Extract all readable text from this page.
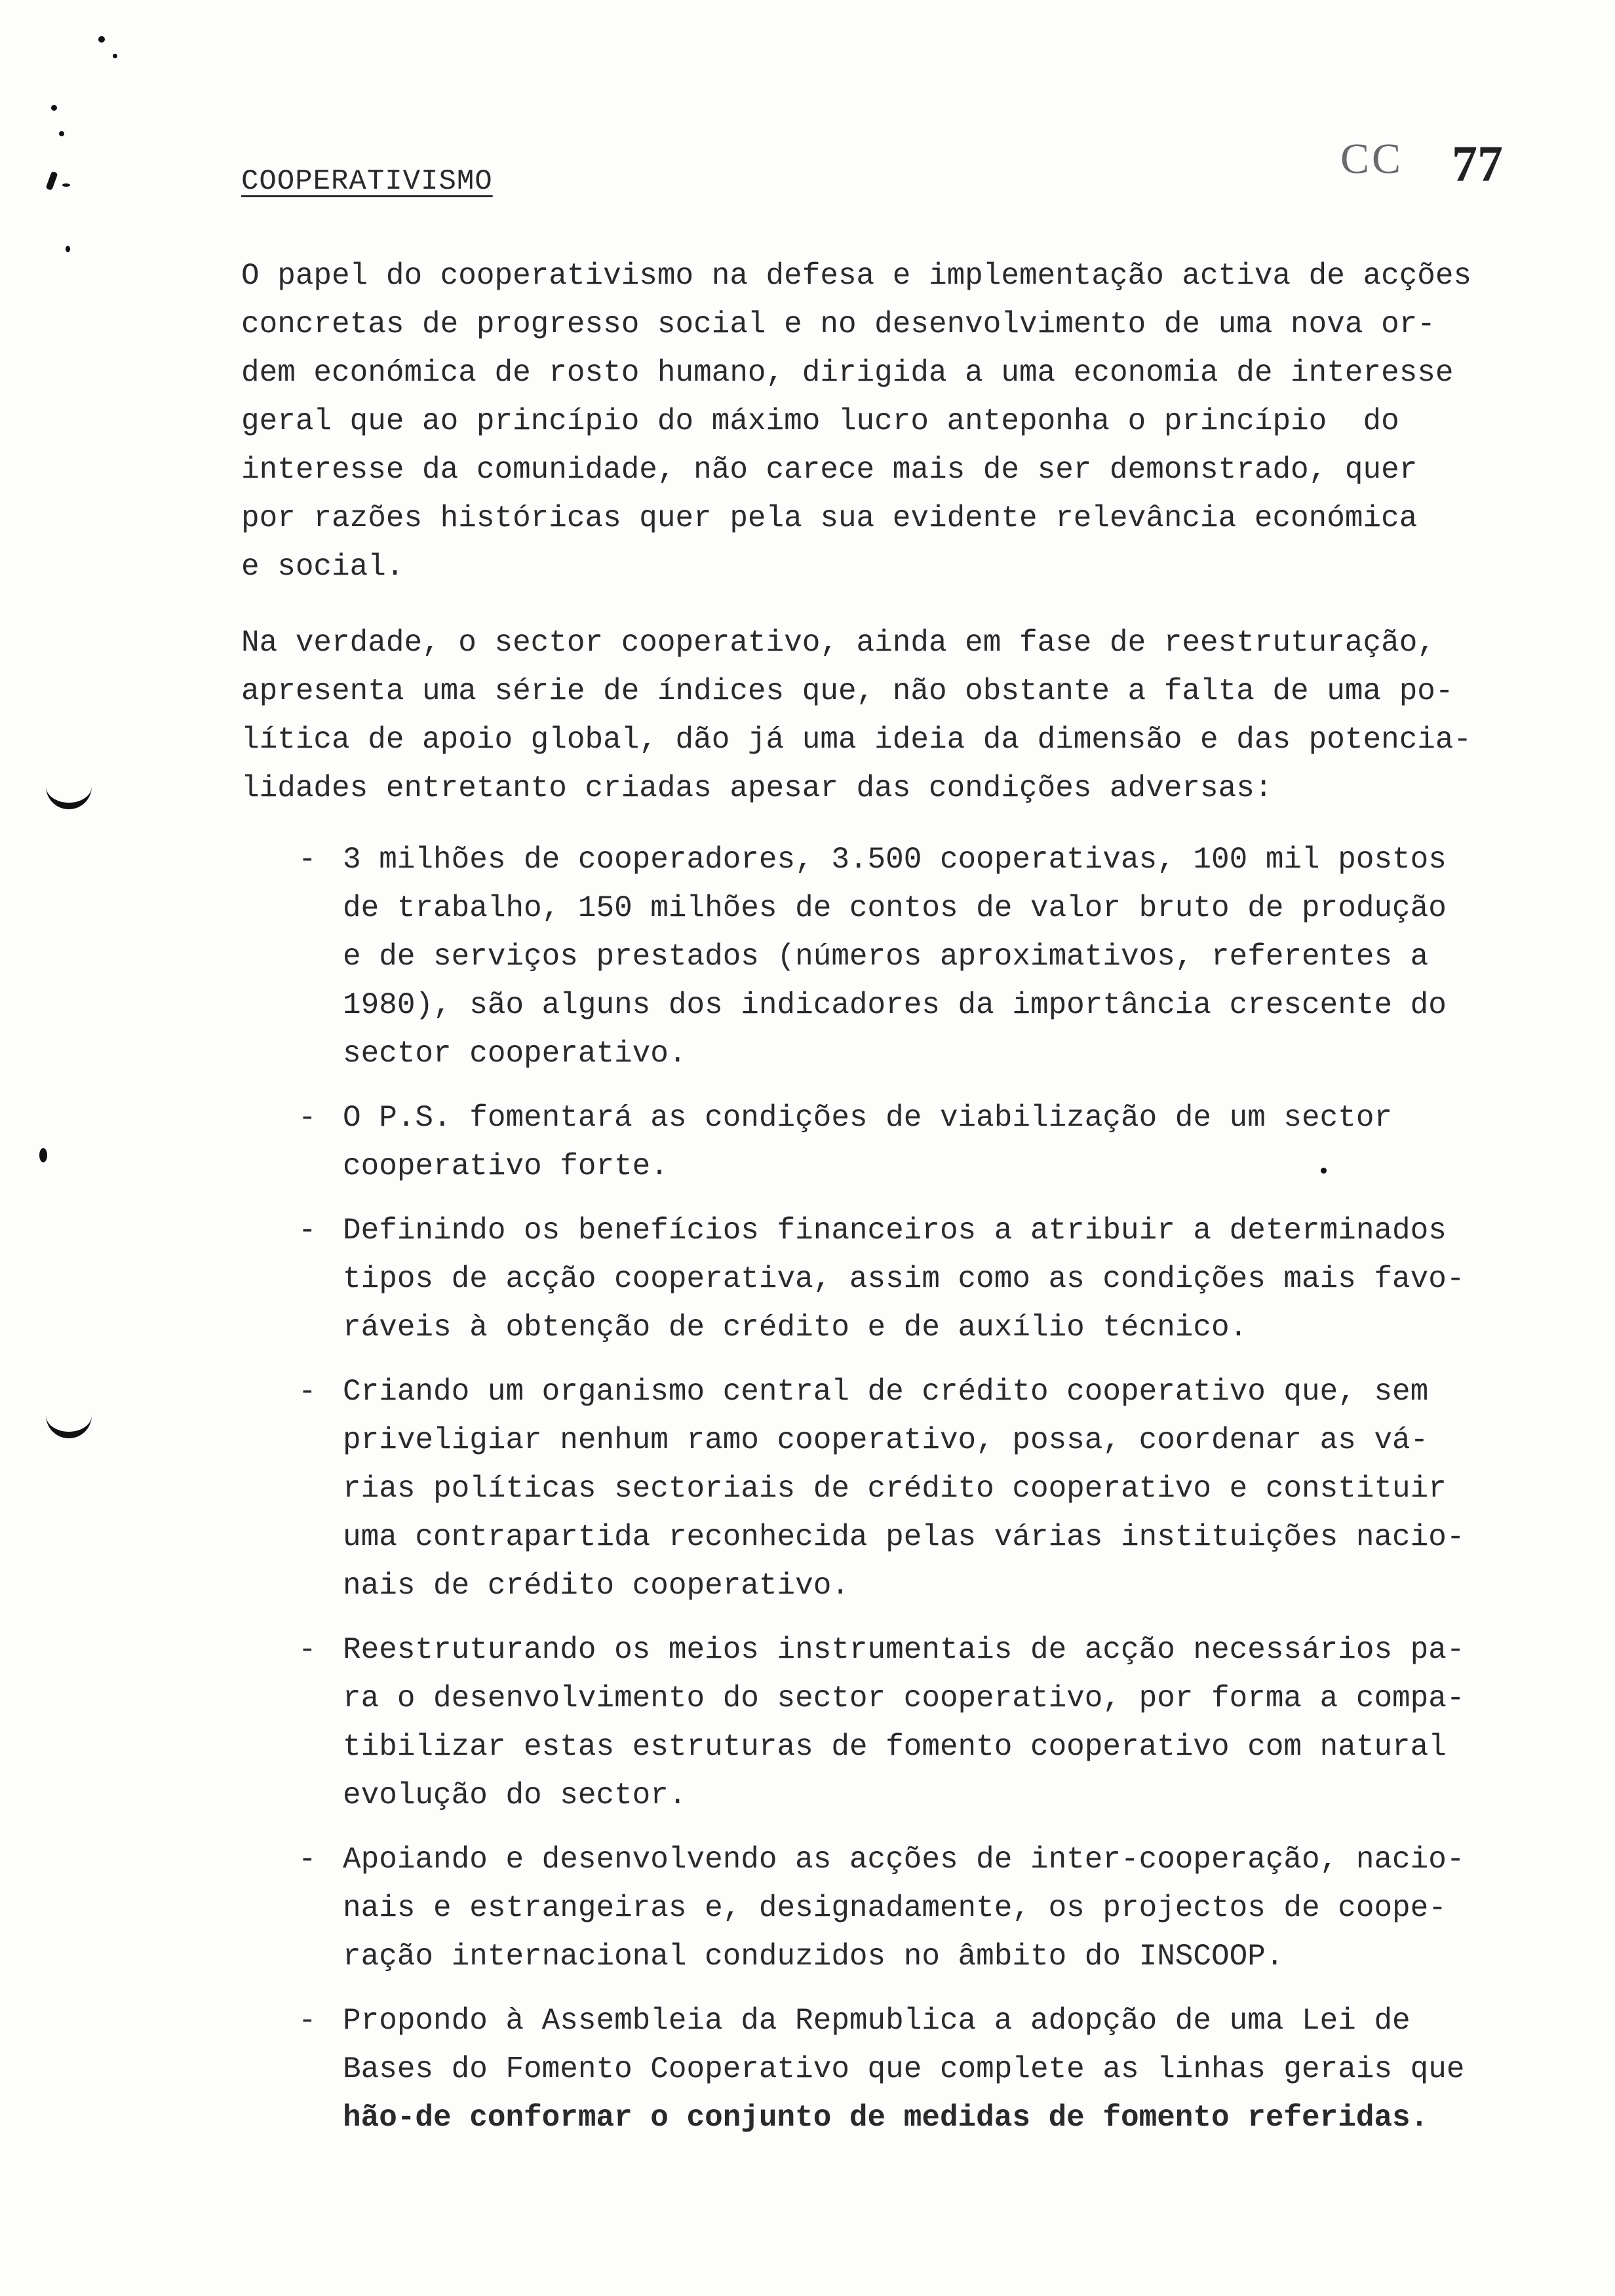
CC 77
COOPERATIVISMO
O papel do cooperativismo na defesa e implementação activa de acções
concretas de progresso social e no desenvolvimento de uma nova or-
dem económica de rosto humano, dirigida a uma economia de interesse
geral que ao princípio do máximo lucro anteponha o princípio  do
interesse da comunidade, não carece mais de ser demonstrado, quer
por razões históricas quer pela sua evidente relevância económica
e social.
Na verdade, o sector cooperativo, ainda em fase de reestruturação,
apresenta uma série de índices que, não obstante a falta de uma po-
lítica de apoio global, dão já uma ideia da dimensão e das potencia-
lidades entretanto criadas apesar das condições adversas:
- 3 milhões de cooperadores, 3.500 cooperativas, 100 mil postos
de trabalho, 150 milhões de contos de valor bruto de produção
e de serviços prestados (números aproximativos, referentes a
1980), são alguns dos indicadores da importância crescente do
sector cooperativo.
- O P.S. fomentará as condições de viabilização de um sector
cooperativo forte.
- Definindo os benefícios financeiros a atribuir a determinados
tipos de acção cooperativa, assim como as condições mais favo-
ráveis à obtenção de crédito e de auxílio técnico.
- Criando um organismo central de crédito cooperativo que, sem
priveligiar nenhum ramo cooperativo, possa, coordenar as vá-
rias políticas sectoriais de crédito cooperativo e constituir
uma contrapartida reconhecida pelas várias instituições nacio-
nais de crédito cooperativo.
- Reestruturando os meios instrumentais de acção necessários pa-
ra o desenvolvimento do sector cooperativo, por forma a compa-
tibilizar estas estruturas de fomento cooperativo com natural
evolução do sector.
- Apoiando e desenvolvendo as acções de inter-cooperação, nacio-
nais e estrangeiras e, designadamente, os projectos de coope-
ração internacional conduzidos no âmbito do INSCOOP.
- Propondo à Assembleia da Repmublica a adopção de uma Lei de
Bases do Fomento Cooperativo que complete as linhas gerais que
hão-de conformar o conjunto de medidas de fomento referidas.
